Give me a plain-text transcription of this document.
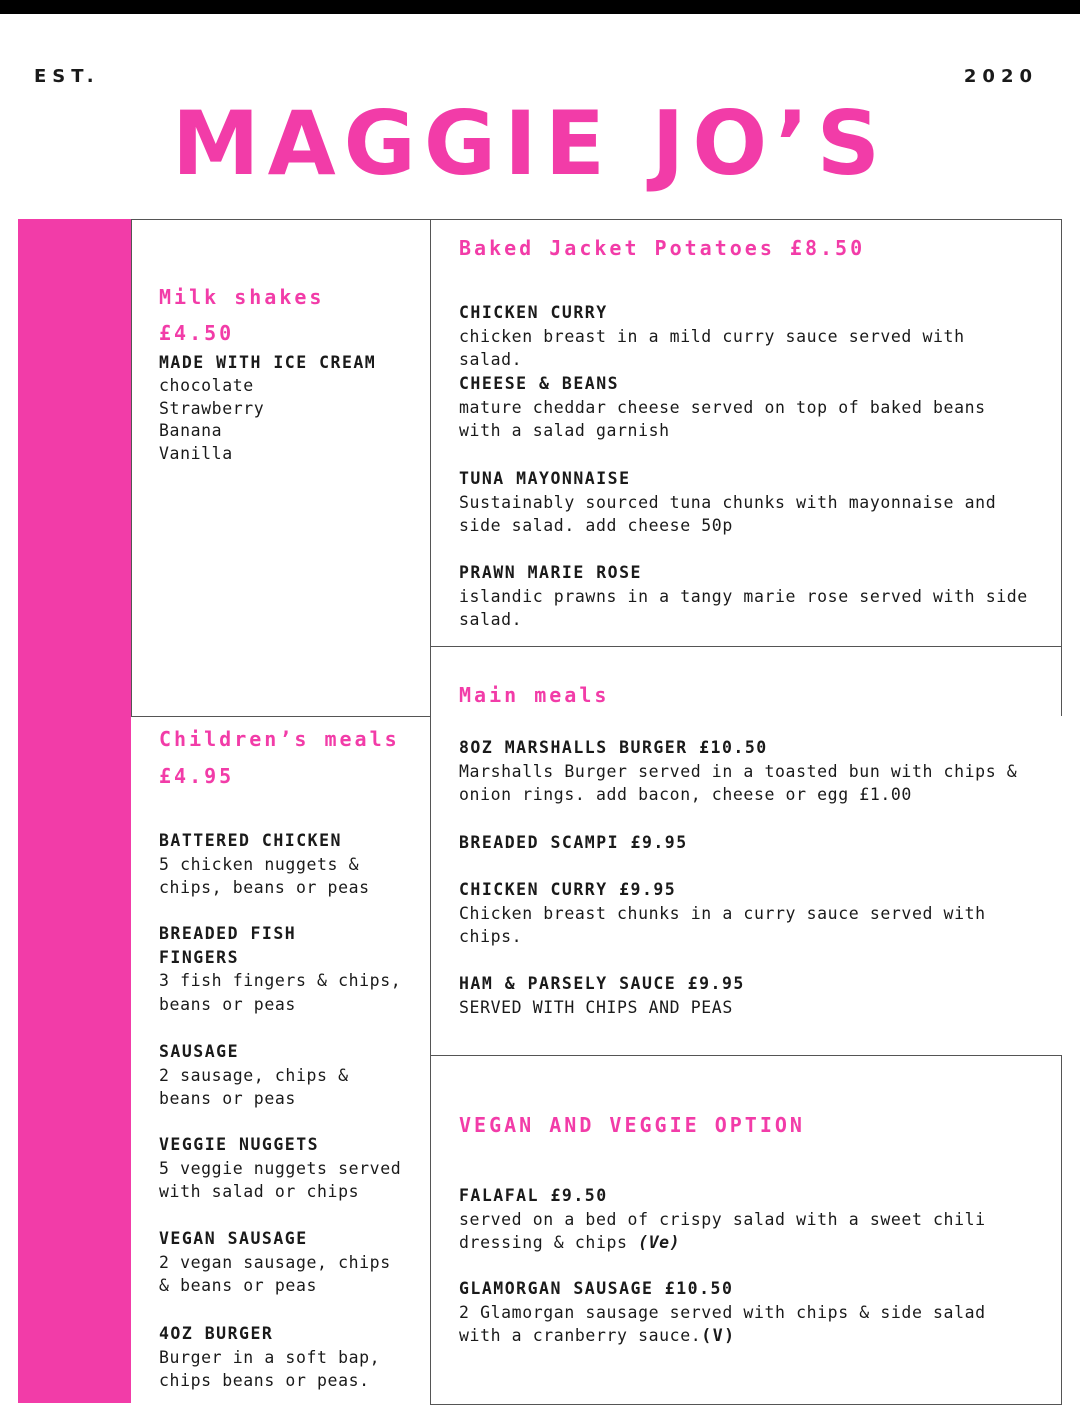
EST.	2020
MAGGIE JO’S
Milk shakes
£4.50
MADE WITH ICE CREAM
chocolate
Strawberry
Banana
Vanilla
Children’s meals
£4.95
BATTERED CHICKEN
5 chicken nuggets &
chips, beans or peas
BREADED FISH
FINGERS
3 fish fingers & chips,
beans or peas
SAUSAGE
2 sausage, chips &
beans or peas
VEGGIE NUGGETS
5 veggie nuggets served
with salad or chips
VEGAN SAUSAGE
2 vegan sausage, chips
& beans or peas
4OZ BURGER
Burger in a soft bap,
chips beans or peas.
Baked Jacket Potatoes £8.50
CHICKEN CURRY
chicken breast in a mild curry sauce served with
salad.
CHEESE & BEANS
mature cheddar cheese served on top of baked beans
with a salad garnish
TUNA MAYONNAISE
Sustainably sourced tuna chunks with mayonnaise and
side salad. add cheese 50p
PRAWN MARIE ROSE
islandic prawns in a tangy marie rose served with side
salad.
Main meals
8OZ MARSHALLS BURGER £10.50
Marshalls Burger served in a toasted bun with chips &
onion rings. add bacon, cheese or egg £1.00
BREADED SCAMPI £9.95
CHICKEN CURRY £9.95
Chicken breast chunks in a curry sauce served with
chips.
HAM & PARSELY SAUCE £9.95
SERVED WITH CHIPS AND PEAS
VEGAN AND VEGGIE OPTION
FALAFAL £9.50
served on a bed of crispy salad with a sweet chili
dressing & chips (Ve)
GLAMORGAN SAUSAGE £10.50
2 Glamorgan sausage served with chips & side salad
with a cranberry sauce.(V)
